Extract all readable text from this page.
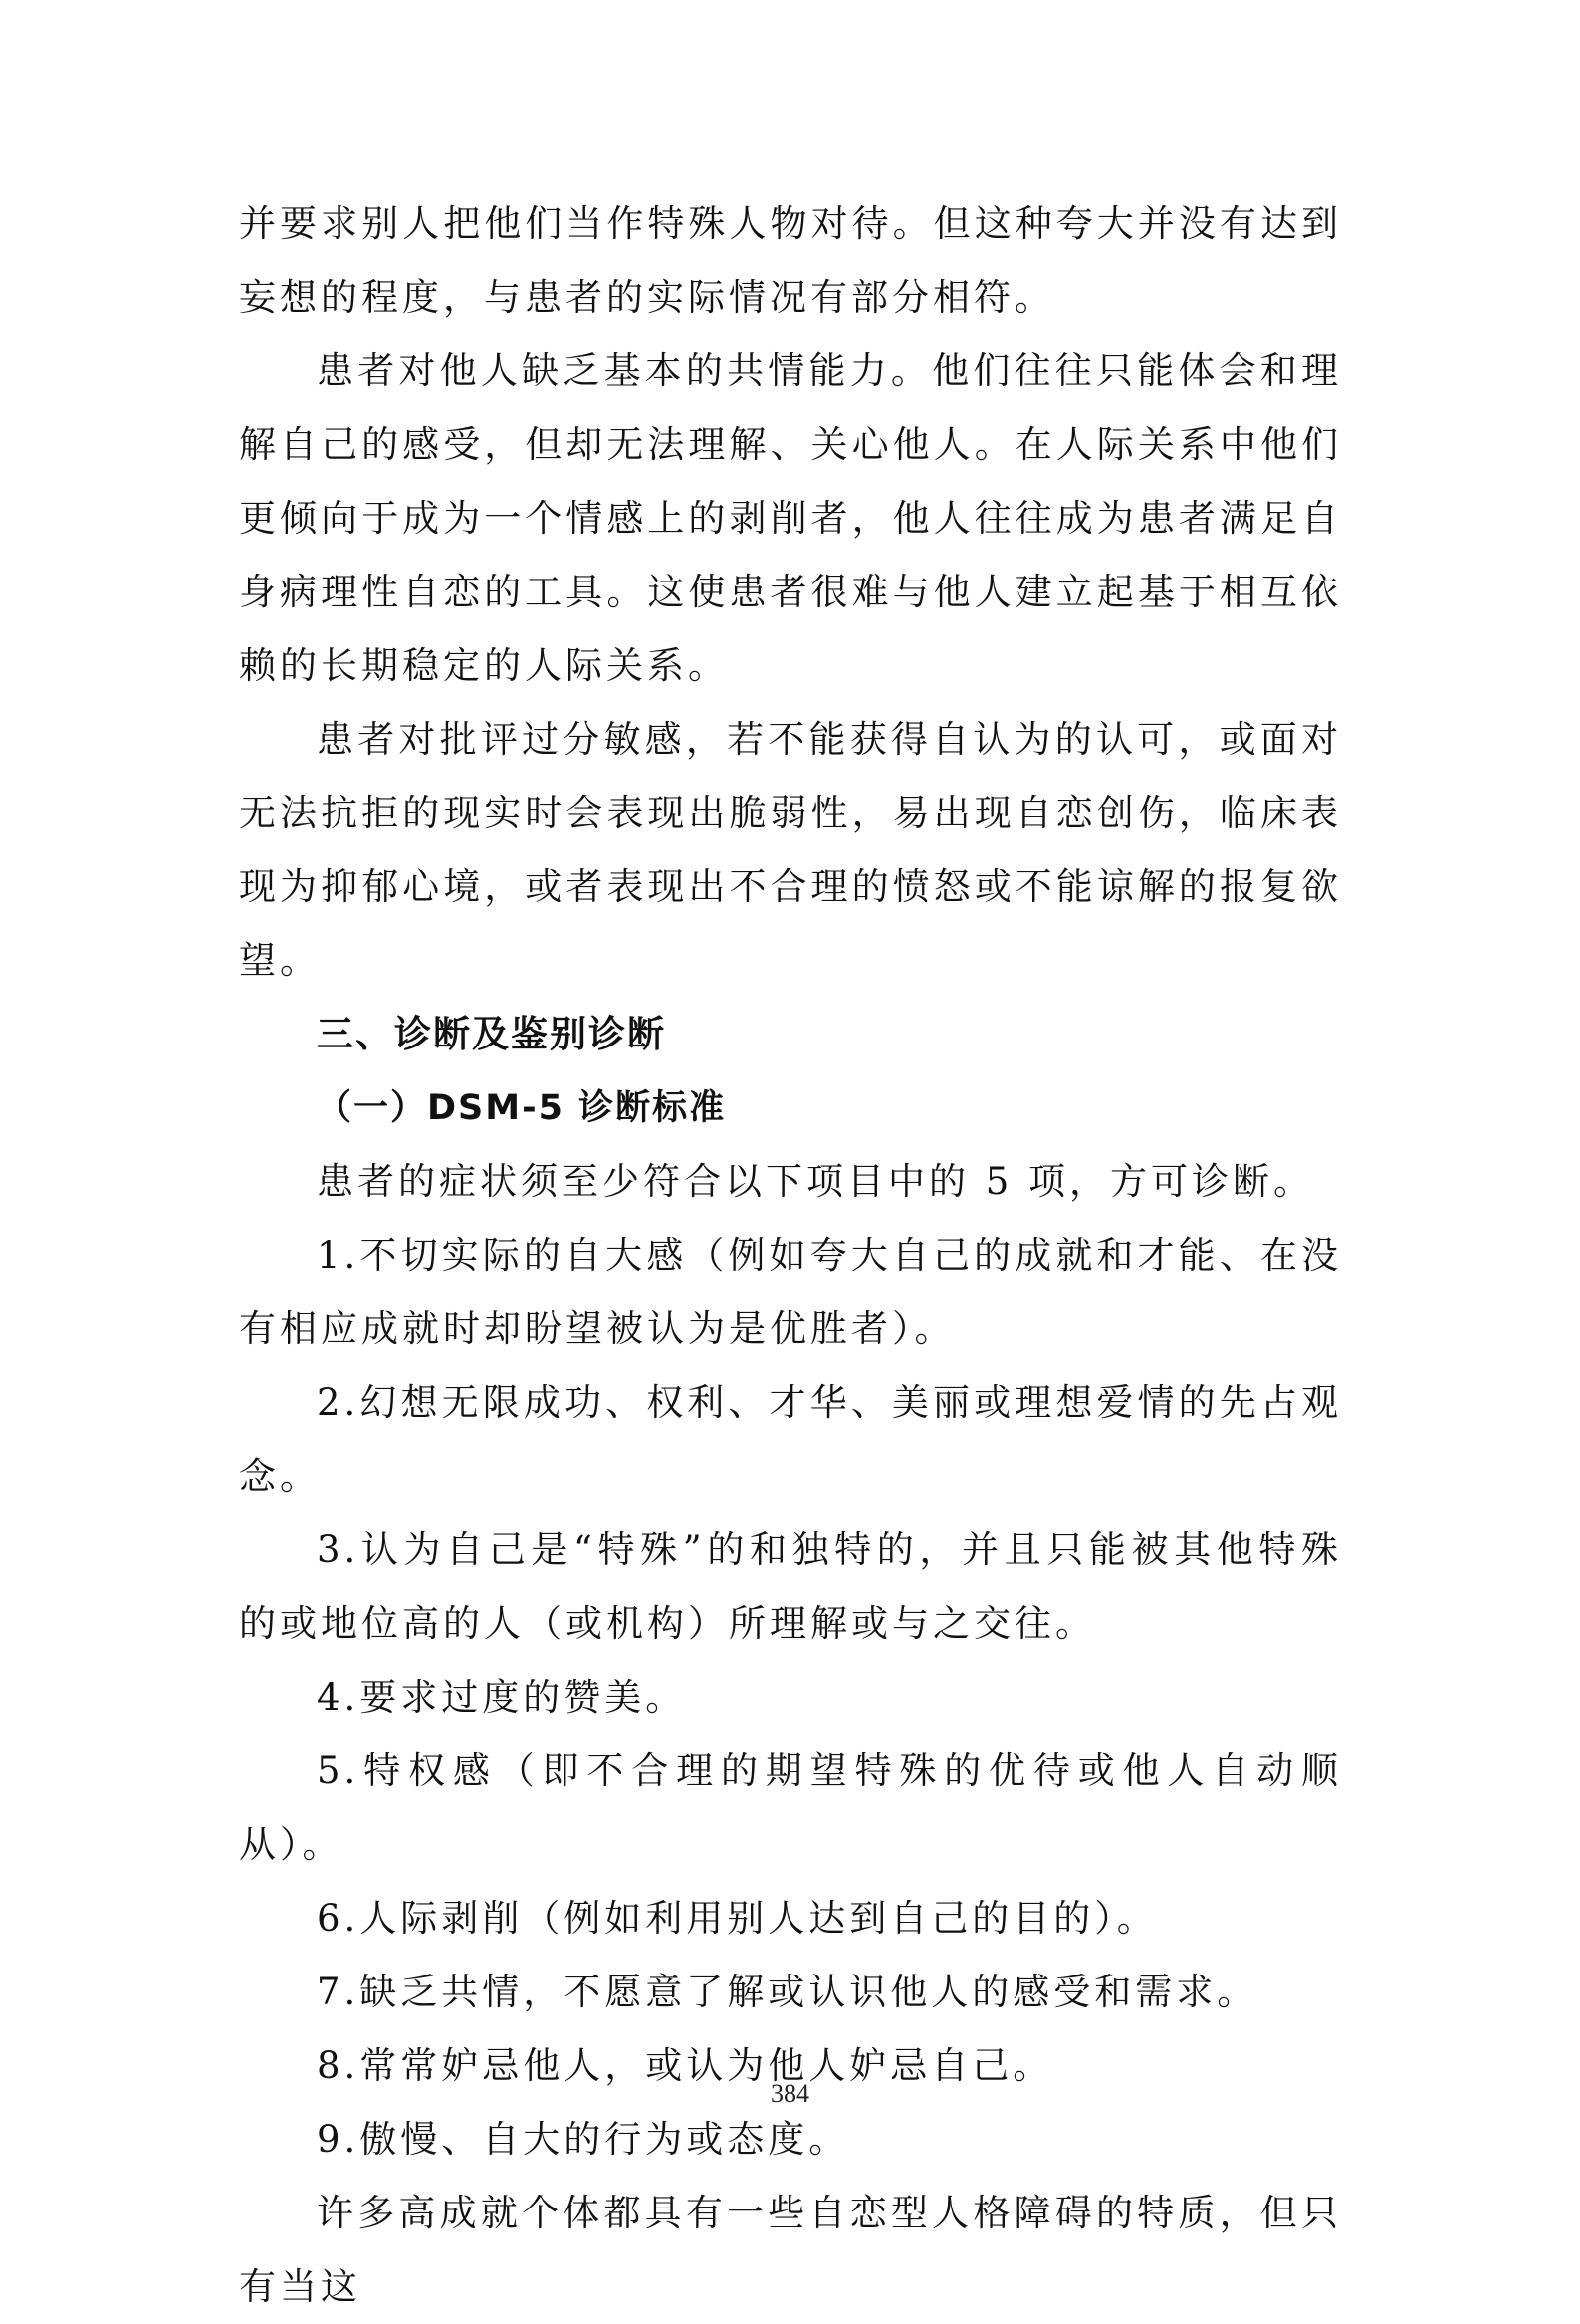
并要求别人把他们当作特殊人物对待。但这种夸大并没有达到妄想的程度，与患者的实际情况有部分相符。

患者对他人缺乏基本的共情能力。他们往往只能体会和理解自己的感受，但却无法理解、关心他人。在人际关系中他们更倾向于成为一个情感上的剥削者，他人往往成为患者满足自身病理性自恋的工具。这使患者很难与他人建立起基于相互依赖的长期稳定的人际关系。

患者对批评过分敏感，若不能获得自认为的认可，或面对无法抗拒的现实时会表现出脆弱性，易出现自恋创伤，临床表现为抑郁心境，或者表现出不合理的愤怒或不能谅解的报复欲望。

三、诊断及鉴别诊断
（一）DSM-5 诊断标准

患者的症状须至少符合以下项目中的 5 项，方可诊断。

1.不切实际的自大感（例如夸大自己的成就和才能、在没有相应成就时却盼望被认为是优胜者）。

2.幻想无限成功、权利、才华、美丽或理想爱情的先占观念。

3.认为自己是“特殊”的和独特的，并且只能被其他特殊的或地位高的人（或机构）所理解或与之交往。

4.要求过度的赞美。

5.特权感（即不合理的期望特殊的优待或他人自动顺从）。

6.人际剥削（例如利用别人达到自己的目的）。

7.缺乏共情，不愿意了解或认识他人的感受和需求。

8.常常妒忌他人，或认为他人妒忌自己。

9.傲慢、自大的行为或态度。

许多高成就个体都具有一些自恋型人格障碍的特质，但只有当这

384
